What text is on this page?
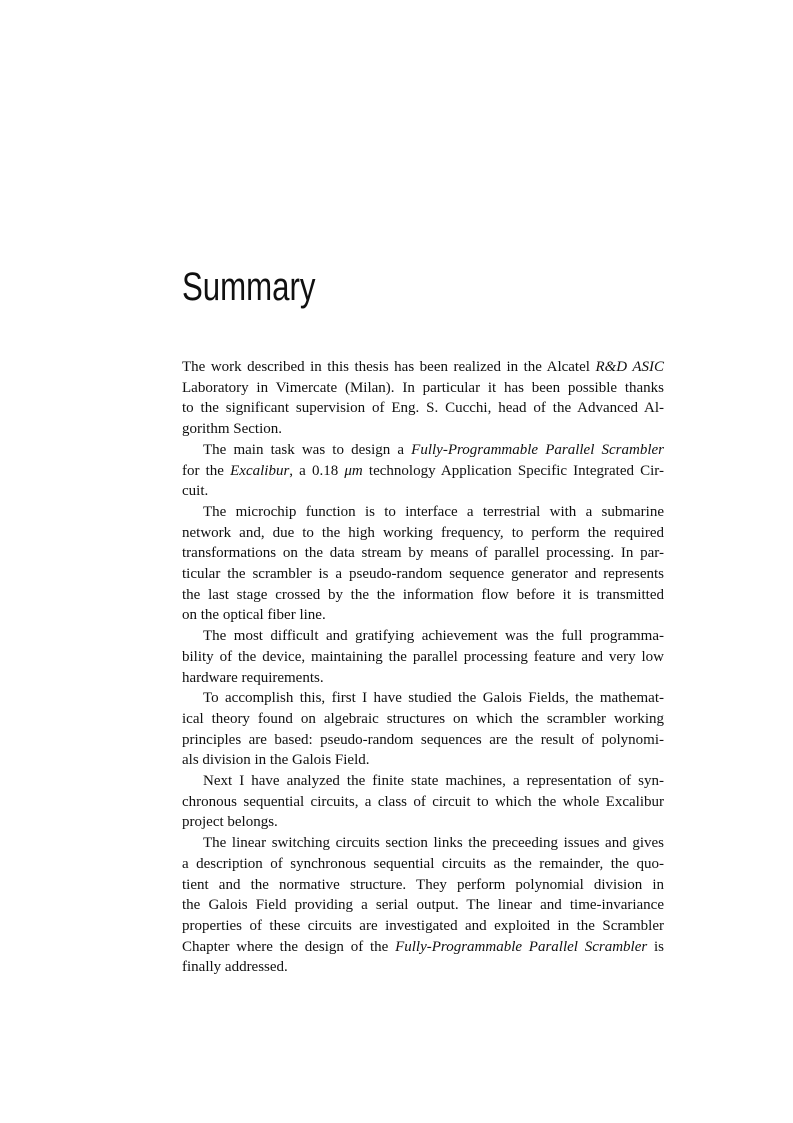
Summary
The work described in this thesis has been realized in the Alcatel R&D ASIC
Laboratory in Vimercate (Milan). In particular it has been possible thanks
to the significant supervision of Eng. S. Cucchi, head of the Advanced Al-
gorithm Section.
The main task was to design a Fully-Programmable Parallel Scrambler
for the Excalibur, a 0.18 μm technology Application Specific Integrated Cir-
cuit.
The microchip function is to interface a terrestrial with a submarine
network and, due to the high working frequency, to perform the required
transformations on the data stream by means of parallel processing. In par-
ticular the scrambler is a pseudo-random sequence generator and represents
the last stage crossed by the the information flow before it is transmitted
on the optical fiber line.
The most difficult and gratifying achievement was the full programma-
bility of the device, maintaining the parallel processing feature and very low
hardware requirements.
To accomplish this, first I have studied the Galois Fields, the mathemat-
ical theory found on algebraic structures on which the scrambler working
principles are based: pseudo-random sequences are the result of polynomi-
als division in the Galois Field.
Next I have analyzed the finite state machines, a representation of syn-
chronous sequential circuits, a class of circuit to which the whole Excalibur
project belongs.
The linear switching circuits section links the preceeding issues and gives
a description of synchronous sequential circuits as the remainder, the quo-
tient and the normative structure. They perform polynomial division in
the Galois Field providing a serial output. The linear and time-invariance
properties of these circuits are investigated and exploited in the Scrambler
Chapter where the design of the Fully-Programmable Parallel Scrambler is
finally addressed.
